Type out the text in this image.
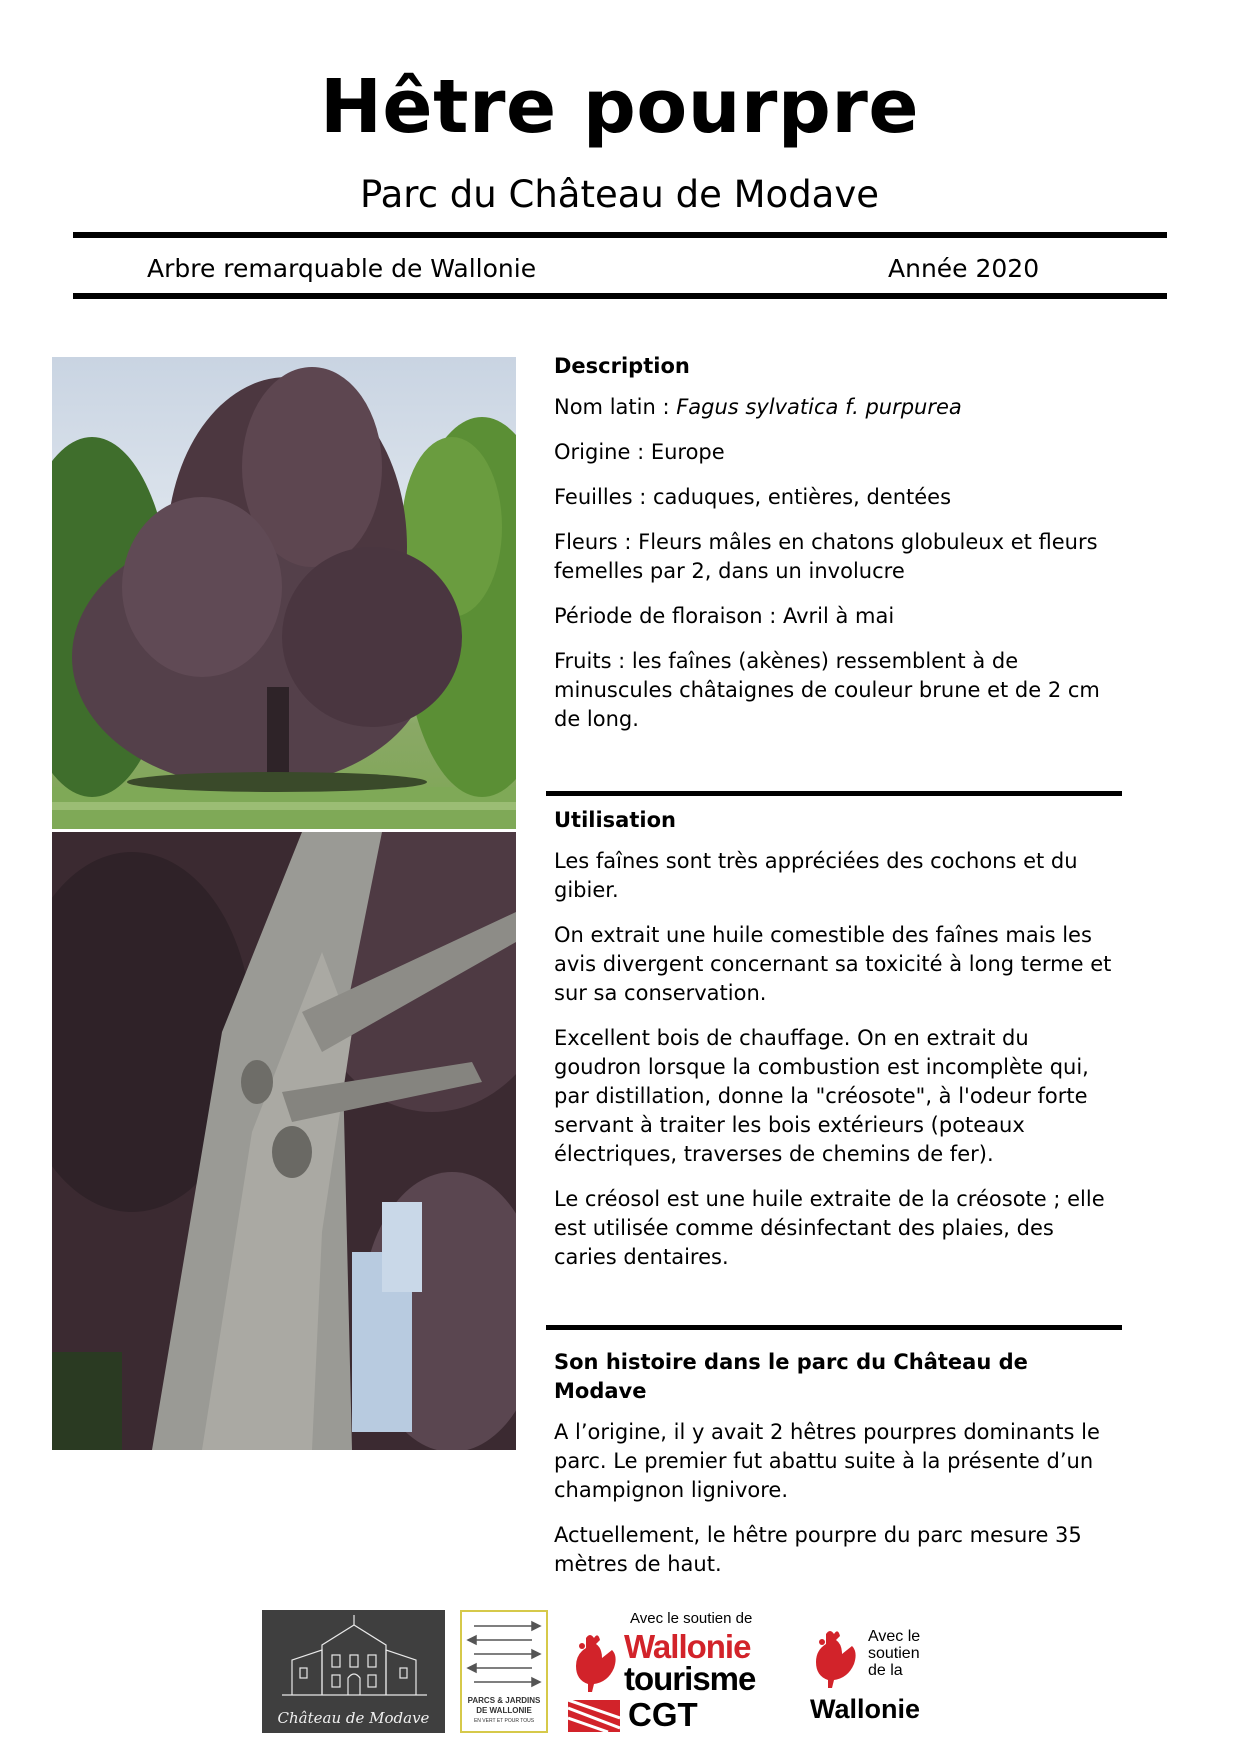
Hêtre pourpre
Parc du Château de Modave
Arbre remarquable de Wallonie	Année 2020

Description

Nom latin : Fagus sylvatica f. purpurea

Origine : Europe

Feuilles : caduques, entières, dentées

Fleurs : Fleurs mâles en chatons globuleux et fleurs femelles par 2, dans un involucre

Période de floraison : Avril à mai

Fruits : les faînes (akènes) ressemblent à de minuscules châtaignes de couleur brune et de 2 cm de long.

Utilisation

Les faînes sont très appréciées des cochons et du gibier.

On extrait une huile comestible des faînes mais les avis divergent concernant sa toxicité à long terme et sur sa conservation.

Excellent bois de chauffage. On en extrait du goudron lorsque la combustion est incomplète qui, par distillation, donne la "créosote", à l'odeur forte servant à traiter les bois extérieurs (poteaux électriques, traverses de chemins de fer).

Le créosol est une huile extraite de la créosote ; elle est utilisée comme désinfectant des plaies, des caries dentaires.

Son histoire dans le parc du Château de Modave

A l’origine, il y avait 2 hêtres pourpres dominants le parc. Le premier fut abattu suite à la présente d’un champignon lignivore.

Actuellement, le hêtre pourpre du parc mesure 35 mètres de haut.

Château de Modave
PARCS & JARDINS
DE WALLONIE
EN VERT ET POUR TOUS
Avec le soutien de
Wallonie
tourisme
CGT
Avec le
soutien
de la
Wallonie
